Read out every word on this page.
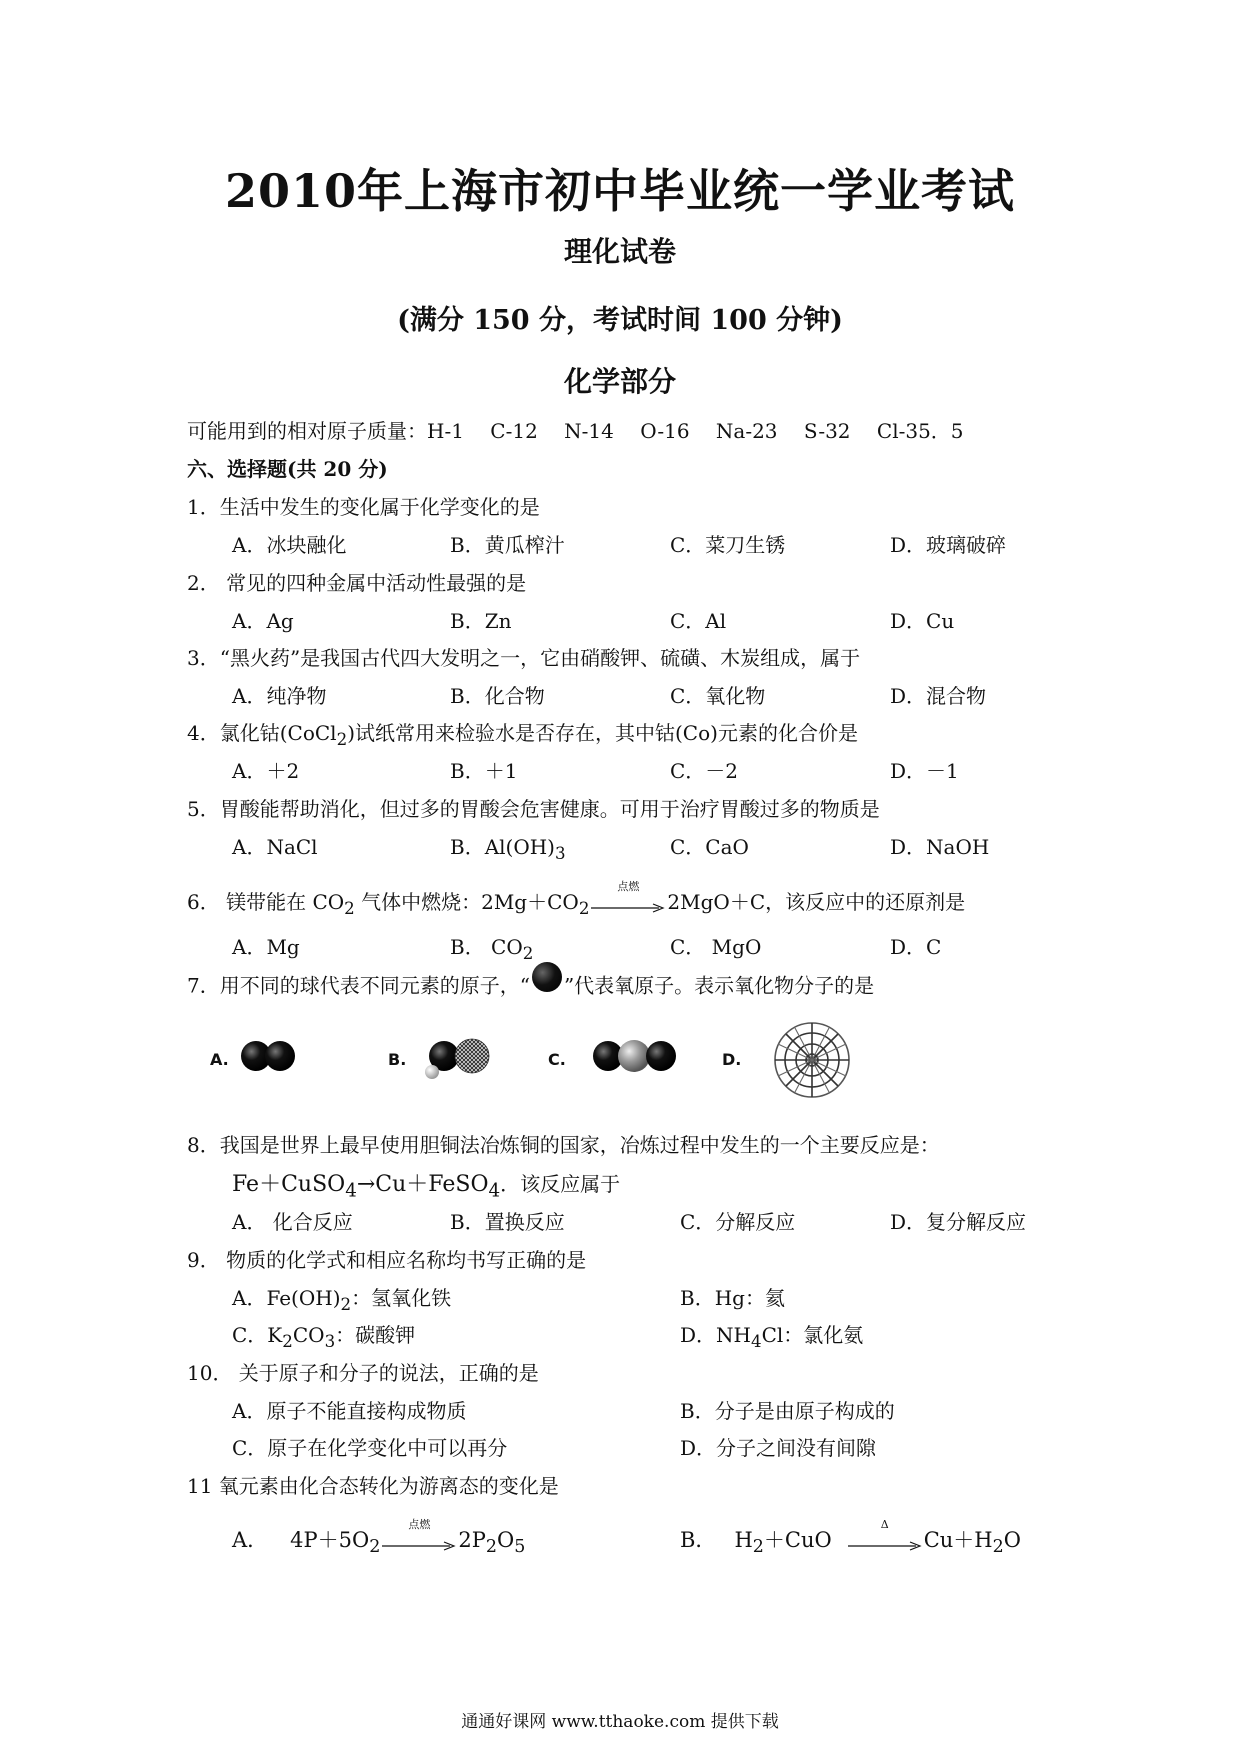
2010年上海市初中毕业统一学业考试
理化试卷
(满分 150 分，考试时间 100 分钟)
化学部分
可能用到的相对原子质量：H-1　 C-12　 N-14　 O-16　 Na-23　 S-32　 Cl-35．5
六、选择题(共 20 分)
1．生活中发生的变化属于化学变化的是
A．冰块融化	B．黄瓜榨汁	C．菜刀生锈	D．玻璃破碎
2． 常见的四种金属中活动性最强的是
A．Ag	B．Zn	C．Al	D．Cu
3．“黑火药”是我国古代四大发明之一，它由硝酸钾、硫磺、木炭组成，属于
A．纯净物	B．化合物	C．氧化物	D．混合物
4．氯化钴(CoCl$_2$)试纸常用来检验水是否存在，其中钴(Co)元素的化合价是
A．＋2	B．＋1	C．－2	D．－1
5．胃酸能帮助消化，但过多的胃酸会危害健康。可用于治疗胃酸过多的物质是
A．NaCl	B．$Al(OH)_3$	C．CaO	D．NaOH
6． 镁带能在 $CO_2$ 气体中燃烧：$2Mg+CO_2$
点燃
2MgO＋C，该反应中的还原剂是
A．Mg	B． $CO_2$	C． MgO	D．C
7．用不同的球代表不同元素的原子，“ ”代表氧原子。表示氧化物分子的是
A.	B.	C.	D.
8．我国是世界上最早使用胆铜法冶炼铜的国家，冶炼过程中发生的一个主要反应是：
Fe＋CuSO$_4$→Cu＋FeSO$_4$．该反应属于
A． 化合反应	B．置换反应	C．分解反应	D．复分解反应
9． 物质的化学式和相应名称均书写正确的是
A．$Fe(OH)_2$：氢氧化铁	B．Hg：氦
C．$K_2CO_3$：碳酸钾	D．$NH_4Cl$：氯化氨
10． 关于原子和分子的说法，正确的是
A．原子不能直接构成物质	B．分子是由原子构成的
C．原子在化学变化中可以再分	D．分子之间没有间隙
11 氧元素由化合态转化为游离态的变化是
A． $4P+5O_2$
点燃
$2P_2O_5$	B． $H_2+CuO$
Δ
$Cu+H_2O$
通通好课网 www.tthaoke.com 提供下载
